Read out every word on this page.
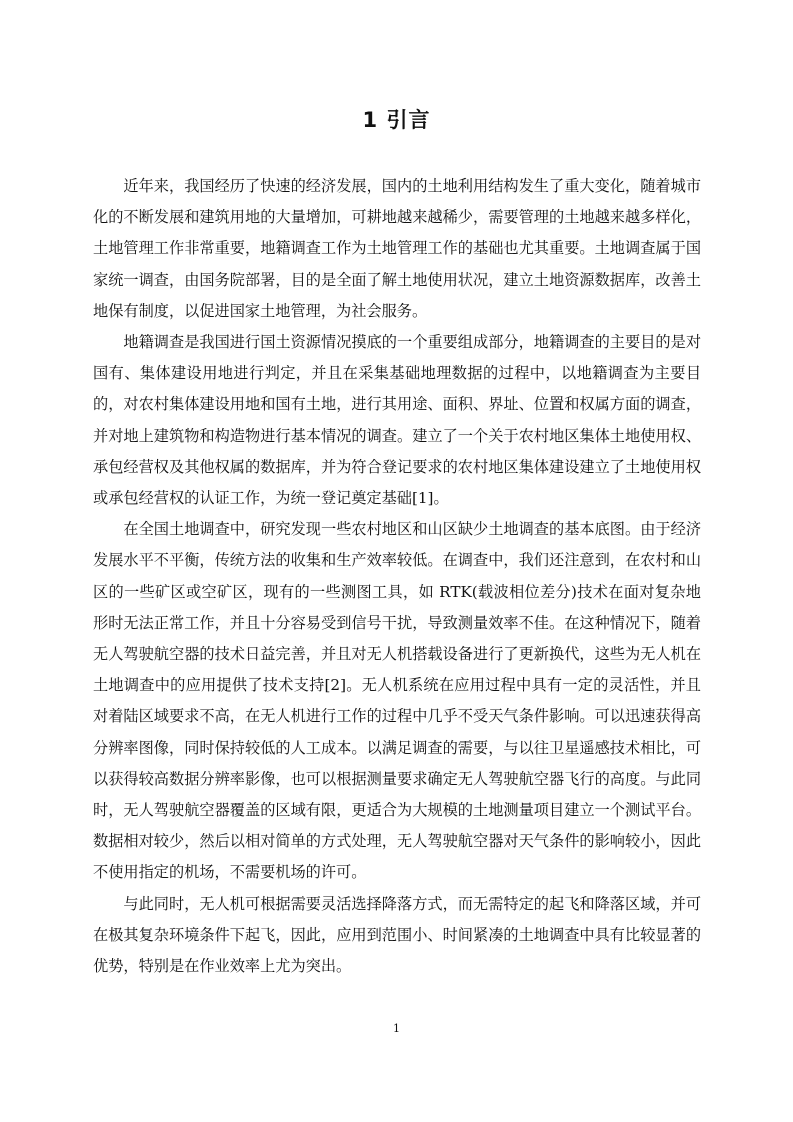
1 引言

近年来，我国经历了快速的经济发展，国内的土地利用结构发生了重大变化，随着城市化的不断发展和建筑用地的大量增加，可耕地越来越稀少，需要管理的土地越来越多样化，土地管理工作非常重要，地籍调查工作为土地管理工作的基础也尤其重要。土地调查属于国家统一调查，由国务院部署，目的是全面了解土地使用状况，建立土地资源数据库，改善土地保有制度，以促进国家土地管理，为社会服务。

地籍调查是我国进行国土资源情况摸底的一个重要组成部分，地籍调查的主要目的是对国有、集体建设用地进行判定，并且在采集基础地理数据的过程中，以地籍调查为主要目的，对农村集体建设用地和国有土地，进行其用途、面积、界址、位置和权属方面的调查，并对地上建筑物和构造物进行基本情况的调查。建立了一个关于农村地区集体土地使用权、承包经营权及其他权属的数据库，并为符合登记要求的农村地区集体建设建立了土地使用权或承包经营权的认证工作，为统一登记奠定基础[1]。

在全国土地调查中，研究发现一些农村地区和山区缺少土地调查的基本底图。由于经济发展水平不平衡，传统方法的收集和生产效率较低。在调查中，我们还注意到，在农村和山区的一些矿区或空矿区，现有的一些测图工具，如 RTK(载波相位差分)技术在面对复杂地形时无法正常工作，并且十分容易受到信号干扰，导致测量效率不佳。在这种情况下，随着无人驾驶航空器的技术日益完善，并且对无人机搭载设备进行了更新换代，这些为无人机在土地调查中的应用提供了技术支持[2]。无人机系统在应用过程中具有一定的灵活性，并且对着陆区域要求不高，在无人机进行工作的过程中几乎不受天气条件影响。可以迅速获得高分辨率图像，同时保持较低的人工成本。以满足调查的需要，与以往卫星遥感技术相比，可以获得较高数据分辨率影像，也可以根据测量要求确定无人驾驶航空器飞行的高度。与此同时，无人驾驶航空器覆盖的区域有限，更适合为大规模的土地测量项目建立一个测试平台。数据相对较少，然后以相对简单的方式处理，无人驾驶航空器对天气条件的影响较小，因此不使用指定的机场，不需要机场的许可。

与此同时，无人机可根据需要灵活选择降落方式，而无需特定的起飞和降落区域，并可在极其复杂环境条件下起飞，因此，应用到范围小、时间紧凑的土地调查中具有比较显著的优势，特别是在作业效率上尤为突出。

1
